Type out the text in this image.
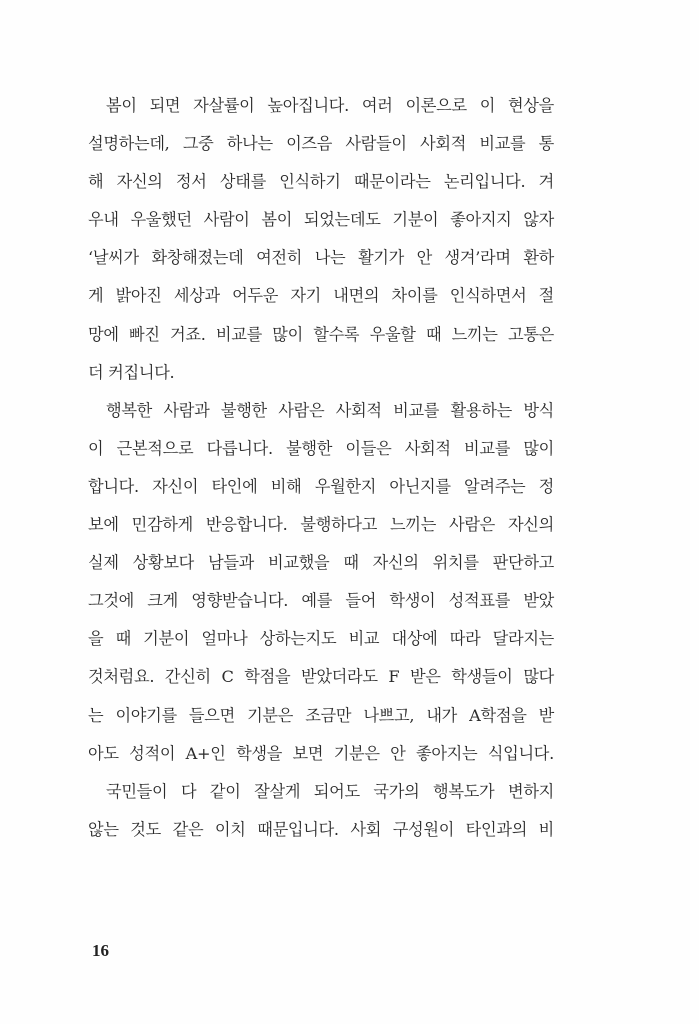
봄이 되면 자살률이 높아집니다. 여러 이론으로 이 현상을
설명하는데, 그중 하나는 이즈음 사람들이 사회적 비교를 통
해 자신의 정서 상태를 인식하기 때문이라는 논리입니다. 겨
우내 우울했던 사람이 봄이 되었는데도 기분이 좋아지지 않자
‘날씨가 화창해졌는데 여전히 나는 활기가 안 생겨’라며 환하
게 밝아진 세상과 어두운 자기 내면의 차이를 인식하면서 절
망에 빠진 거죠. 비교를 많이 할수록 우울할 때 느끼는 고통은
더 커집니다.
행복한 사람과 불행한 사람은 사회적 비교를 활용하는 방식
이 근본적으로 다릅니다. 불행한 이들은 사회적 비교를 많이
합니다. 자신이 타인에 비해 우월한지 아닌지를 알려주는 정
보에 민감하게 반응합니다. 불행하다고 느끼는 사람은 자신의
실제 상황보다 남들과 비교했을 때 자신의 위치를 판단하고
그것에 크게 영향받습니다. 예를 들어 학생이 성적표를 받았
을 때 기분이 얼마나 상하는지도 비교 대상에 따라 달라지는
것처럼요. 간신히 C 학점을 받았더라도 F 받은 학생들이 많다
는 이야기를 들으면 기분은 조금만 나쁘고, 내가 A학점을 받
아도 성적이 A+인 학생을 보면 기분은 안 좋아지는 식입니다.
국민들이 다 같이 잘살게 되어도 국가의 행복도가 변하지
않는 것도 같은 이치 때문입니다. 사회 구성원이 타인과의 비
16
